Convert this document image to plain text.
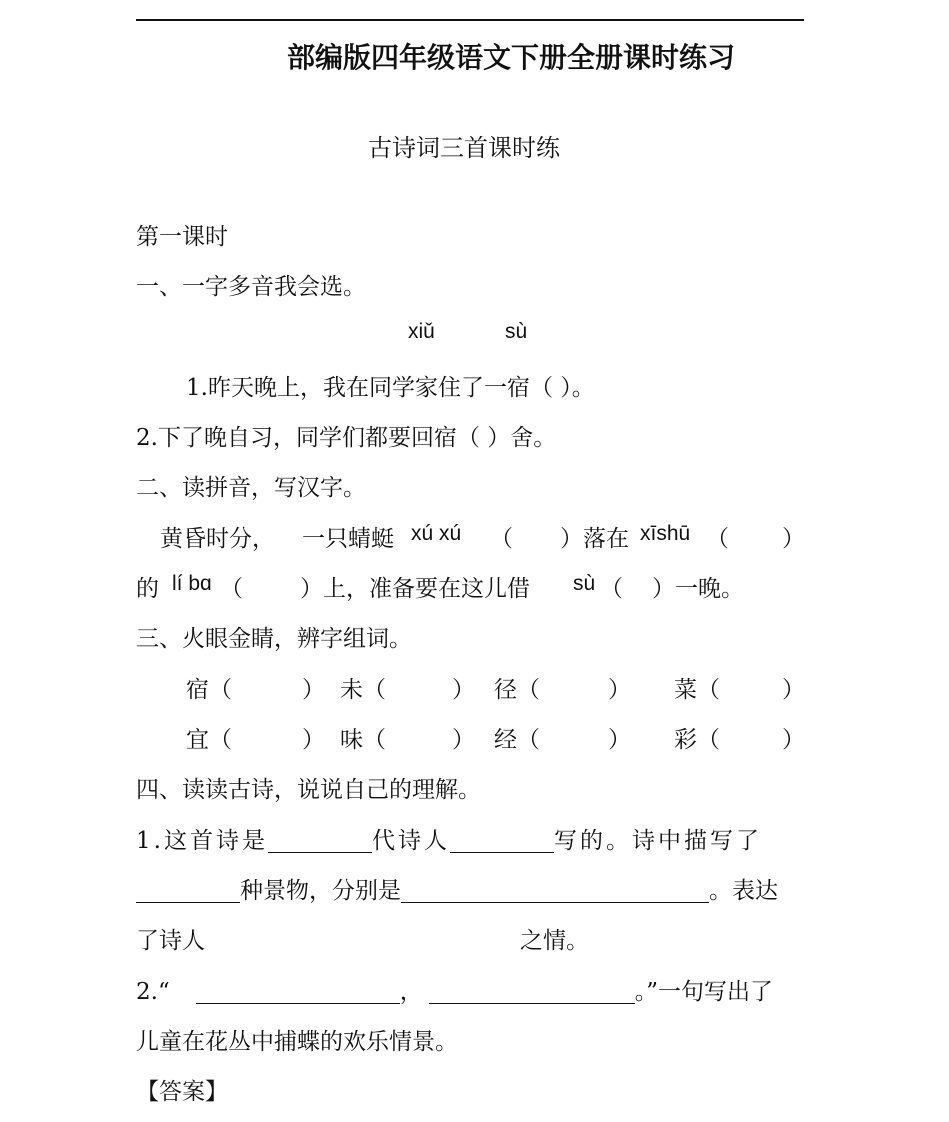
部编版四年级语文下册全册课时练习
古诗词三首课时练
第一课时
一、一字多音我会选。
xiǔ	sù
1.昨天晚上，我在同学家住了一宿（ ）。
2.下了晚自习，同学们都要回宿（ ）舍。
二、读拼音，写汉字。
黄昏时分， 一只蜻蜓 xú xú （ ）落在 xīshū （ ）
的 lí bɑ （ ）上，准备要在这儿借 sù （ ）一晚。
三、火眼金睛，辨字组词。
宿（	） 未（	） 径（	） 菜（	）
宜（	） 味（	） 经（	） 彩（	）
四、读读古诗，说说自己的理解。
1.这首诗是	代诗人	写的。诗中描写了
种景物，分别是	。表达
了诗人	之情。
2.“	，	。”一句写出了
儿童在花丛中捕蝶的欢乐情景。
【答案】
